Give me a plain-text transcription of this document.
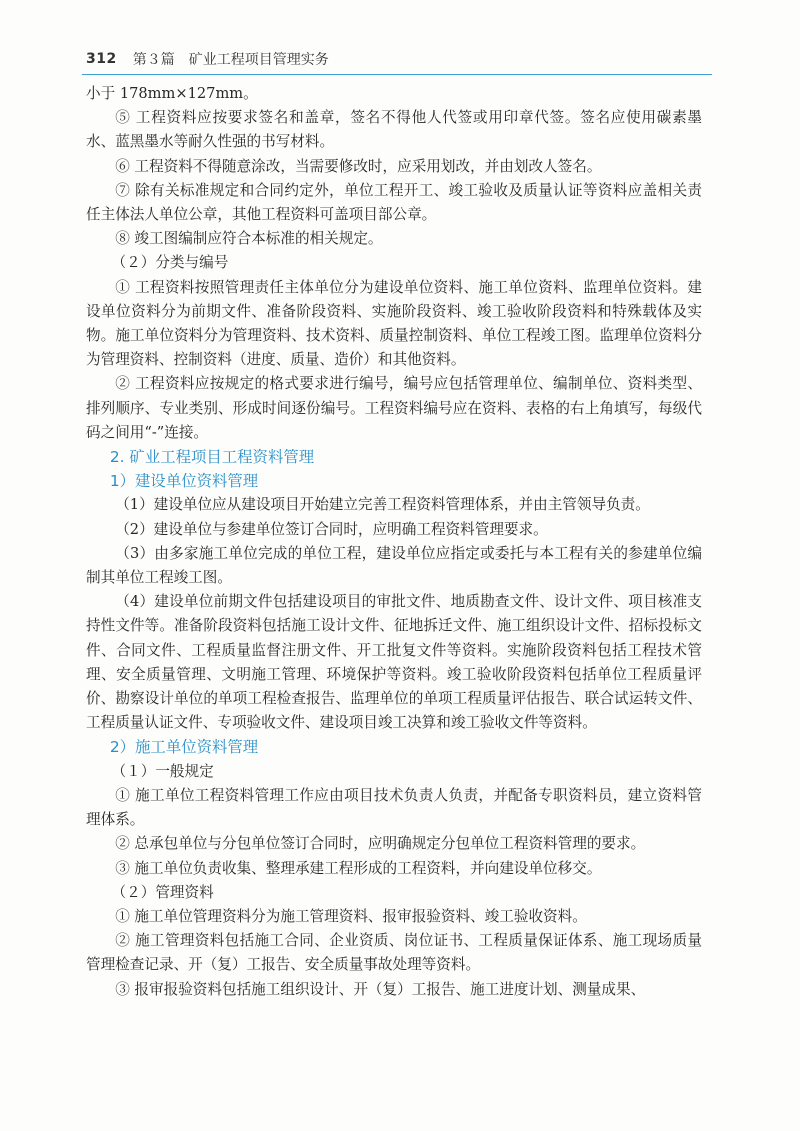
312 第３篇 矿业工程项目管理实务

小于 178mm×127mm。

⑤ 工程资料应按要求签名和盖章，签名不得他人代签或用印章代签。签名应使用碳素墨水、蓝黑墨水等耐久性强的书写材料。

⑥ 工程资料不得随意涂改，当需要修改时，应采用划改，并由划改人签名。

⑦ 除有关标准规定和合同约定外，单位工程开工、竣工验收及质量认证等资料应盖相关责任主体法人单位公章，其他工程资料可盖项目部公章。

⑧ 竣工图编制应符合本标准的相关规定。

（２）分类与编号

① 工程资料按照管理责任主体单位分为建设单位资料、施工单位资料、监理单位资料。建设单位资料分为前期文件、准备阶段资料、实施阶段资料、竣工验收阶段资料和特殊载体及实物。施工单位资料分为管理资料、技术资料、质量控制资料、单位工程竣工图。监理单位资料分为管理资料、控制资料（进度、质量、造价）和其他资料。

② 工程资料应按规定的格式要求进行编号，编号应包括管理单位、编制单位、资料类型、排列顺序、专业类别、形成时间逐份编号。工程资料编号应在资料、表格的右上角填写，每级代码之间用“-”连接。

2. 矿业工程项目工程资料管理

1）建设单位资料管理

（1）建设单位应从建设项目开始建立完善工程资料管理体系，并由主管领导负责。

（2）建设单位与参建单位签订合同时，应明确工程资料管理要求。

（3）由多家施工单位完成的单位工程，建设单位应指定或委托与本工程有关的参建单位编制其单位工程竣工图。

（4）建设单位前期文件包括建设项目的审批文件、地质勘查文件、设计文件、项目核准支持性文件等。准备阶段资料包括施工设计文件、征地拆迁文件、施工组织设计文件、招标投标文件、合同文件、工程质量监督注册文件、开工批复文件等资料。实施阶段资料包括工程技术管理、安全质量管理、文明施工管理、环境保护等资料。竣工验收阶段资料包括单位工程质量评价、勘察设计单位的单项工程检查报告、监理单位的单项工程质量评估报告、联合试运转文件、工程质量认证文件、专项验收文件、建设项目竣工决算和竣工验收文件等资料。

2）施工单位资料管理

（１）一般规定

① 施工单位工程资料管理工作应由项目技术负责人负责，并配备专职资料员，建立资料管理体系。

② 总承包单位与分包单位签订合同时，应明确规定分包单位工程资料管理的要求。

③ 施工单位负责收集、整理承建工程形成的工程资料，并向建设单位移交。

（２）管理资料

① 施工单位管理资料分为施工管理资料、报审报验资料、竣工验收资料。

② 施工管理资料包括施工合同、企业资质、岗位证书、工程质量保证体系、施工现场质量管理检查记录、开（复）工报告、安全质量事故处理等资料。

③ 报审报验资料包括施工组织设计、开（复）工报告、施工进度计划、测量成果、
